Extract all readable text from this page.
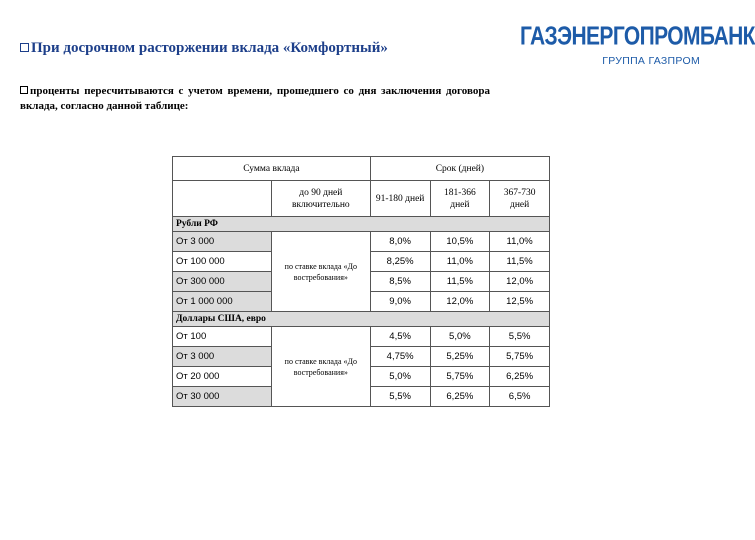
При досрочном расторжении вклада «Комфортный»	ГАЗЭНЕРГОПРОМБАНК
ГРУППА ГАЗПРОМ
проценты пересчитываются с учетом времени, прошедшего со дня заключения договора вклада, согласно данной таблице:
Сумма вклада		Срок (дней)		
	до 90 дней включительно	91-180 дней	181-366 дней	367-730 дней
Рубли РФ				
От 3 000	по ставке вклада «До востребования»	8,0%	10,5%	11,0%
От 100 000		8,25%	11,0%	11,5%
От 300 000		8,5%	11,5%	12,0%
От 1 000 000		9,0%	12,0%	12,5%
Доллары США, евро				
От 100	по ставке вклада «До востребования»	4,5%	5,0%	5,5%
От 3 000		4,75%	5,25%	5,75%
От 20 000		5,0%	5,75%	6,25%
От 30 000		5,5%	6,25%	6,5%
